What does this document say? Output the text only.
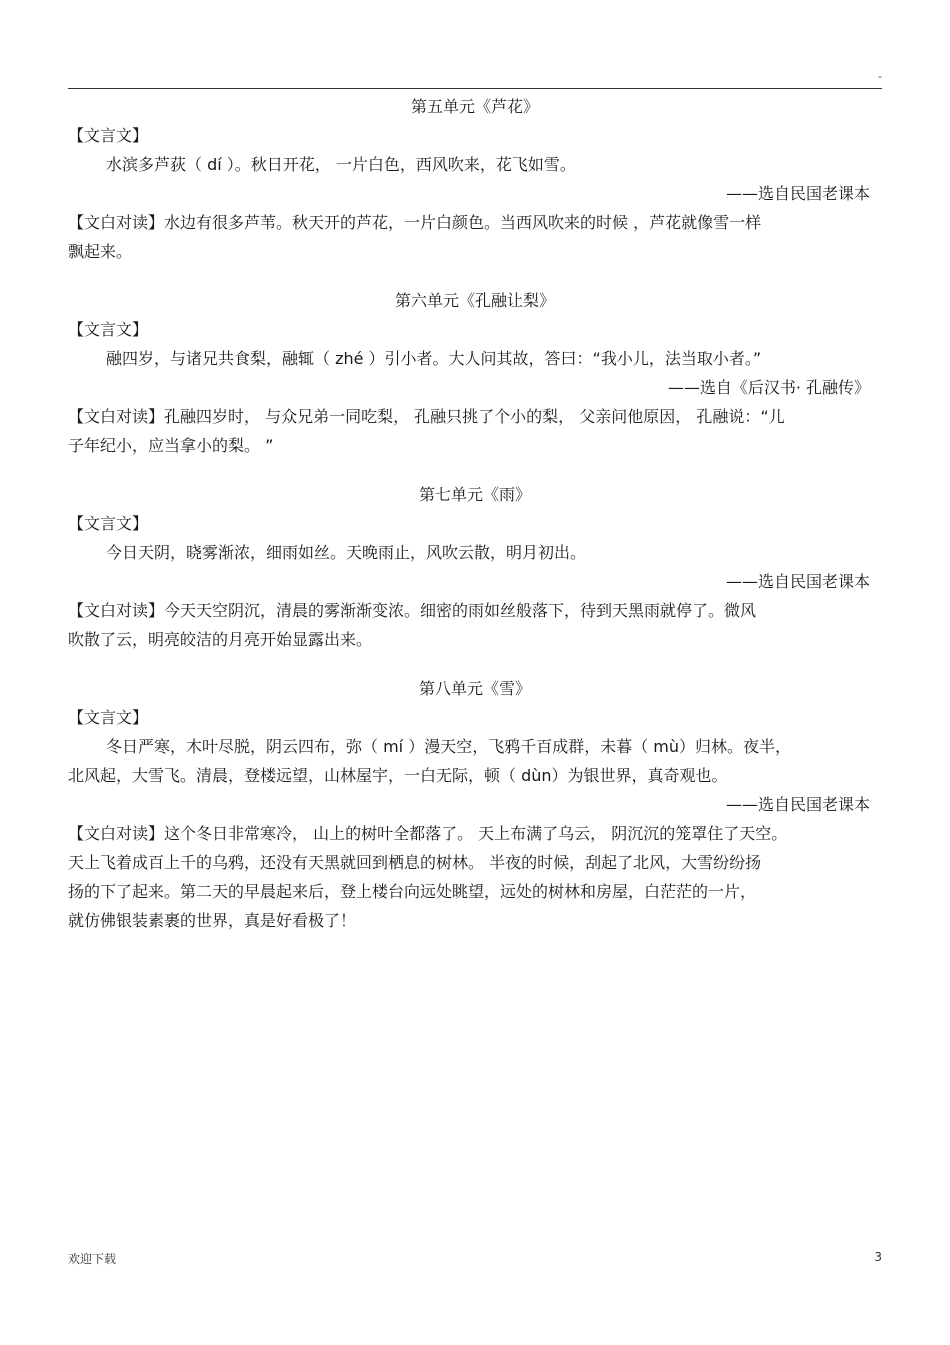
-
第五单元《芦花》
【文言文】
水滨多芦荻（ dí ）。秋日开花， 一片白色，西风吹来，花飞如雪。
——选自民国老课本
【文白对读】水边有很多芦苇。秋天开的芦花，一片白颜色。当西风吹来的时候 ，芦花就像雪一样
飘起来。
第六单元《孔融让梨》
【文言文】
融四岁，与诸兄共食梨，融辄（ zhé ）引小者。大人问其故，答曰：“我小儿，法当取小者。”
——选自《后汉书· 孔融传》
【文白对读】孔融四岁时， 与众兄弟一同吃梨， 孔融只挑了个小的梨， 父亲问他原因， 孔融说：“儿
子年纪小，应当拿小的梨。 ”
第七单元《雨》
【文言文】
今日天阴，晓雾渐浓，细雨如丝。天晚雨止，风吹云散，明月初出。
——选自民国老课本
【文白对读】今天天空阴沉，清晨的雾渐渐变浓。细密的雨如丝般落下，待到天黑雨就停了。微风
吹散了云，明亮皎洁的月亮开始显露出来。
第八单元《雪》
【文言文】
冬日严寒，木叶尽脱，阴云四布，弥（ mí ）漫天空，飞鸦千百成群，未暮（ mù）归林。夜半，
北风起，大雪飞。清晨，登楼远望，山林屋宇，一白无际，顿（ dùn）为银世界，真奇观也。
——选自民国老课本
【文白对读】这个冬日非常寒冷， 山上的树叶全都落了。 天上布满了乌云， 阴沉沉的笼罩住了天空。
天上飞着成百上千的乌鸦，还没有天黑就回到栖息的树林。 半夜的时候，刮起了北风，大雪纷纷扬
扬的下了起来。第二天的早晨起来后，登上楼台向远处眺望，远处的树林和房屋，白茫茫的一片，
就仿佛银装素裹的世界，真是好看极了！
欢迎下载	3
